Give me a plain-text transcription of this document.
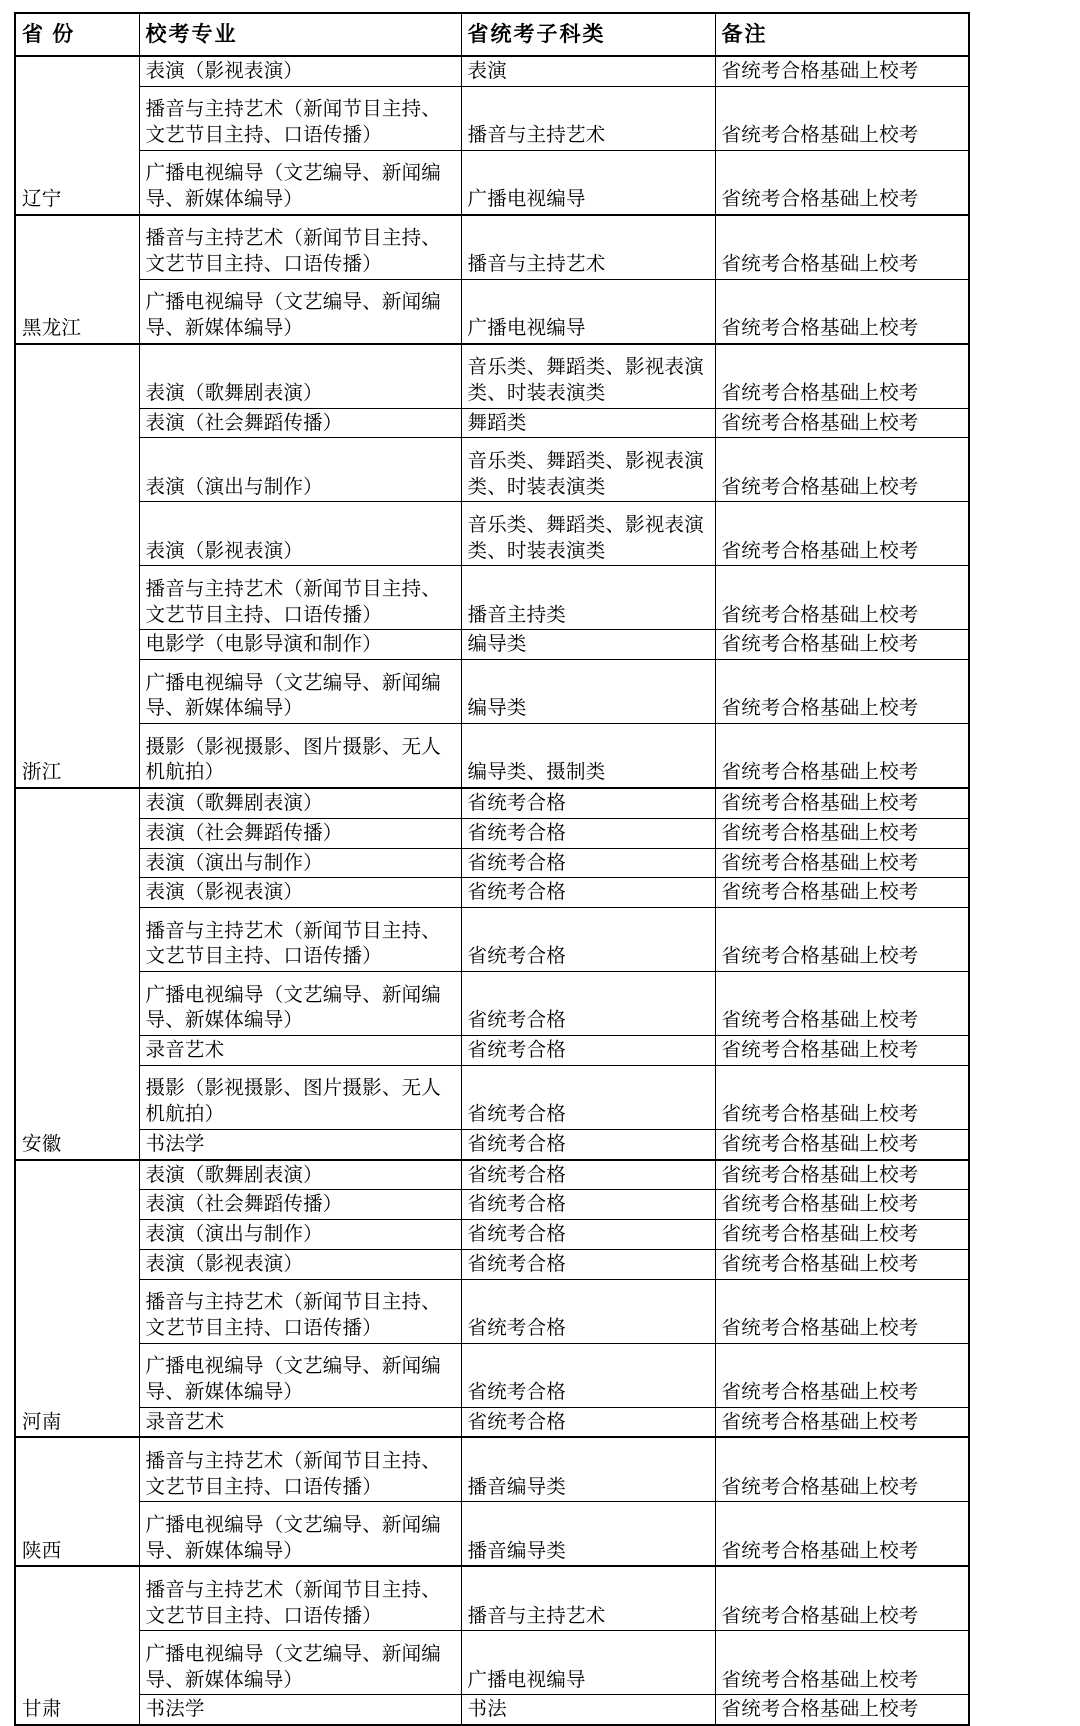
省 份	校考专业	省统考子科类	备注
辽宁	表演（影视表演）	表演	省统考合格基础上校考
	播音与主持艺术（新闻节目主持、文艺节目主持、口语传播）	播音与主持艺术	省统考合格基础上校考
	广播电视编导（文艺编导、新闻编导、新媒体编导）	广播电视编导	省统考合格基础上校考
黑龙江	播音与主持艺术（新闻节目主持、文艺节目主持、口语传播）	播音与主持艺术	省统考合格基础上校考
	广播电视编导（文艺编导、新闻编导、新媒体编导）	广播电视编导	省统考合格基础上校考
浙江	表演（歌舞剧表演）	音乐类、舞蹈类、影视表演类、时装表演类	省统考合格基础上校考
	表演（社会舞蹈传播）	舞蹈类	省统考合格基础上校考
	表演（演出与制作）	音乐类、舞蹈类、影视表演类、时装表演类	省统考合格基础上校考
	表演（影视表演）	音乐类、舞蹈类、影视表演类、时装表演类	省统考合格基础上校考
	播音与主持艺术（新闻节目主持、文艺节目主持、口语传播）	播音主持类	省统考合格基础上校考
	电影学（电影导演和制作）	编导类	省统考合格基础上校考
	广播电视编导（文艺编导、新闻编导、新媒体编导）	编导类	省统考合格基础上校考
	摄影（影视摄影、图片摄影、无人机航拍）	编导类、摄制类	省统考合格基础上校考
安徽	表演（歌舞剧表演）	省统考合格	省统考合格基础上校考
	表演（社会舞蹈传播）	省统考合格	省统考合格基础上校考
	表演（演出与制作）	省统考合格	省统考合格基础上校考
	表演（影视表演）	省统考合格	省统考合格基础上校考
	播音与主持艺术（新闻节目主持、文艺节目主持、口语传播）	省统考合格	省统考合格基础上校考
	广播电视编导（文艺编导、新闻编导、新媒体编导）	省统考合格	省统考合格基础上校考
	录音艺术	省统考合格	省统考合格基础上校考
	摄影（影视摄影、图片摄影、无人机航拍）	省统考合格	省统考合格基础上校考
	书法学	省统考合格	省统考合格基础上校考
河南	表演（歌舞剧表演）	省统考合格	省统考合格基础上校考
	表演（社会舞蹈传播）	省统考合格	省统考合格基础上校考
	表演（演出与制作）	省统考合格	省统考合格基础上校考
	表演（影视表演）	省统考合格	省统考合格基础上校考
	播音与主持艺术（新闻节目主持、文艺节目主持、口语传播）	省统考合格	省统考合格基础上校考
	广播电视编导（文艺编导、新闻编导、新媒体编导）	省统考合格	省统考合格基础上校考
	录音艺术	省统考合格	省统考合格基础上校考
陕西	播音与主持艺术（新闻节目主持、文艺节目主持、口语传播）	播音编导类	省统考合格基础上校考
	广播电视编导（文艺编导、新闻编导、新媒体编导）	播音编导类	省统考合格基础上校考
甘肃	播音与主持艺术（新闻节目主持、文艺节目主持、口语传播）	播音与主持艺术	省统考合格基础上校考
	广播电视编导（文艺编导、新闻编导、新媒体编导）	广播电视编导	省统考合格基础上校考
	书法学	书法	省统考合格基础上校考
